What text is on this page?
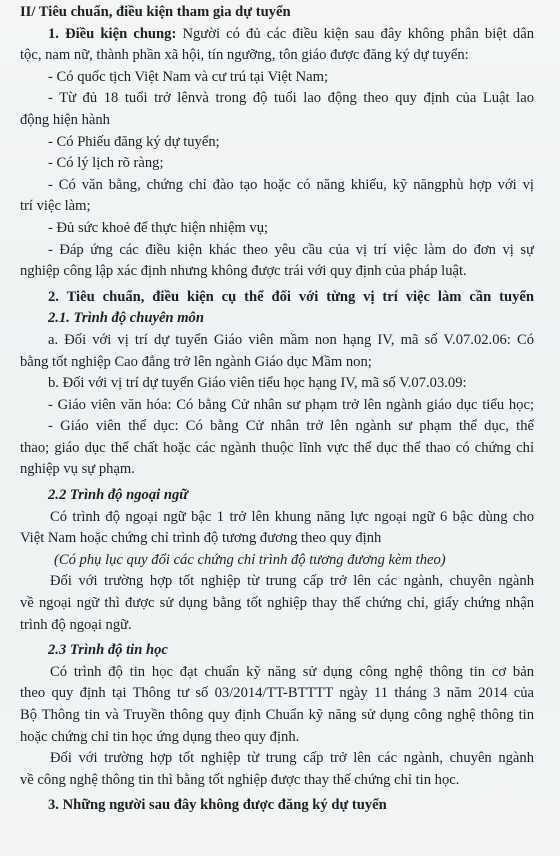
II/ Tiêu chuẩn, điều kiện tham gia dự tuyển
1. Điều kiện chung: Người có đủ các điều kiện sau đây không phân biệt dân
tộc, nam nữ, thành phần xã hội, tín ngưỡng, tôn giáo được đăng ký dự tuyển:
- Có quốc tịch Việt Nam và cư trú tại Việt Nam;
- Từ đủ 18 tuổi trở lênvà trong độ tuổi lao động theo quy định của Luật lao
động hiện hành
- Có Phiếu đăng ký dự tuyển;
- Có lý lịch rõ ràng;
- Có văn bằng, chứng chỉ đào tạo hoặc có năng khiếu, kỹ năngphù hợp với vị
trí việc làm;
- Đủ sức khoẻ để thực hiện nhiệm vụ;
- Đáp ứng các điều kiện khác theo yêu cầu của vị trí việc làm do đơn vị sự
nghiệp công lập xác định nhưng không được trái với quy định của pháp luật.
2. Tiêu chuẩn, điều kiện cụ thể đối với từng vị trí việc làm cần tuyển
2.1. Trình độ chuyên môn
a. Đối với vị trí dự tuyển Giáo viên mầm non hạng IV, mã số V.07.02.06: Có
bằng tốt nghiệp Cao đẳng trở lên ngành Giáo dục Mầm non;
b. Đối với vị trí dự tuyển Giáo viên tiểu học hạng IV, mã số V.07.03.09:
- Giáo viên văn hóa: Có bằng Cử nhân sư phạm trở lên ngành giáo dục tiểu học;
- Giáo viên thể dục: Có bằng Cử nhân trở lên ngành sư phạm thể dục, thể
thao; giáo dục thể chất hoặc các ngành thuộc lĩnh vực thể dục thể thao có chứng chỉ
nghiệp vụ sự phạm.
2.2 Trình độ ngoại ngữ
Có trình độ ngoại ngữ bậc 1 trở lên khung năng lực ngoại ngữ 6 bậc dùng cho
Việt Nam hoặc chứng chỉ trình độ tương đương theo quy định
(Có phụ lục quy đổi các chứng chỉ trình độ tương đương kèm theo)
Đối với trường hợp tốt nghiệp từ trung cấp trở lên các ngành, chuyên ngành
về ngoại ngữ thì được sử dụng bằng tốt nghiệp thay thế chứng chỉ, giấy chứng nhận
trình độ ngoại ngữ.
2.3 Trình độ tin học
Có trình độ tin học đạt chuẩn kỹ năng sử dụng công nghệ thông tin cơ bản
theo quy định tại Thông tư số 03/2014/TT-BTTTT ngày 11 tháng 3 năm 2014 của
Bộ Thông tin và Truyền thông quy định Chuẩn kỹ năng sử dụng công nghệ thông tin
hoặc chứng chỉ tin học ứng dụng theo quy định.
Đối với trường hợp tốt nghiệp từ trung cấp trở lên các ngành, chuyên ngành
về công nghệ thông tin thì bằng tốt nghiệp được thay thế chứng chỉ tin học.
3. Những người sau đây không được đăng ký dự tuyển
